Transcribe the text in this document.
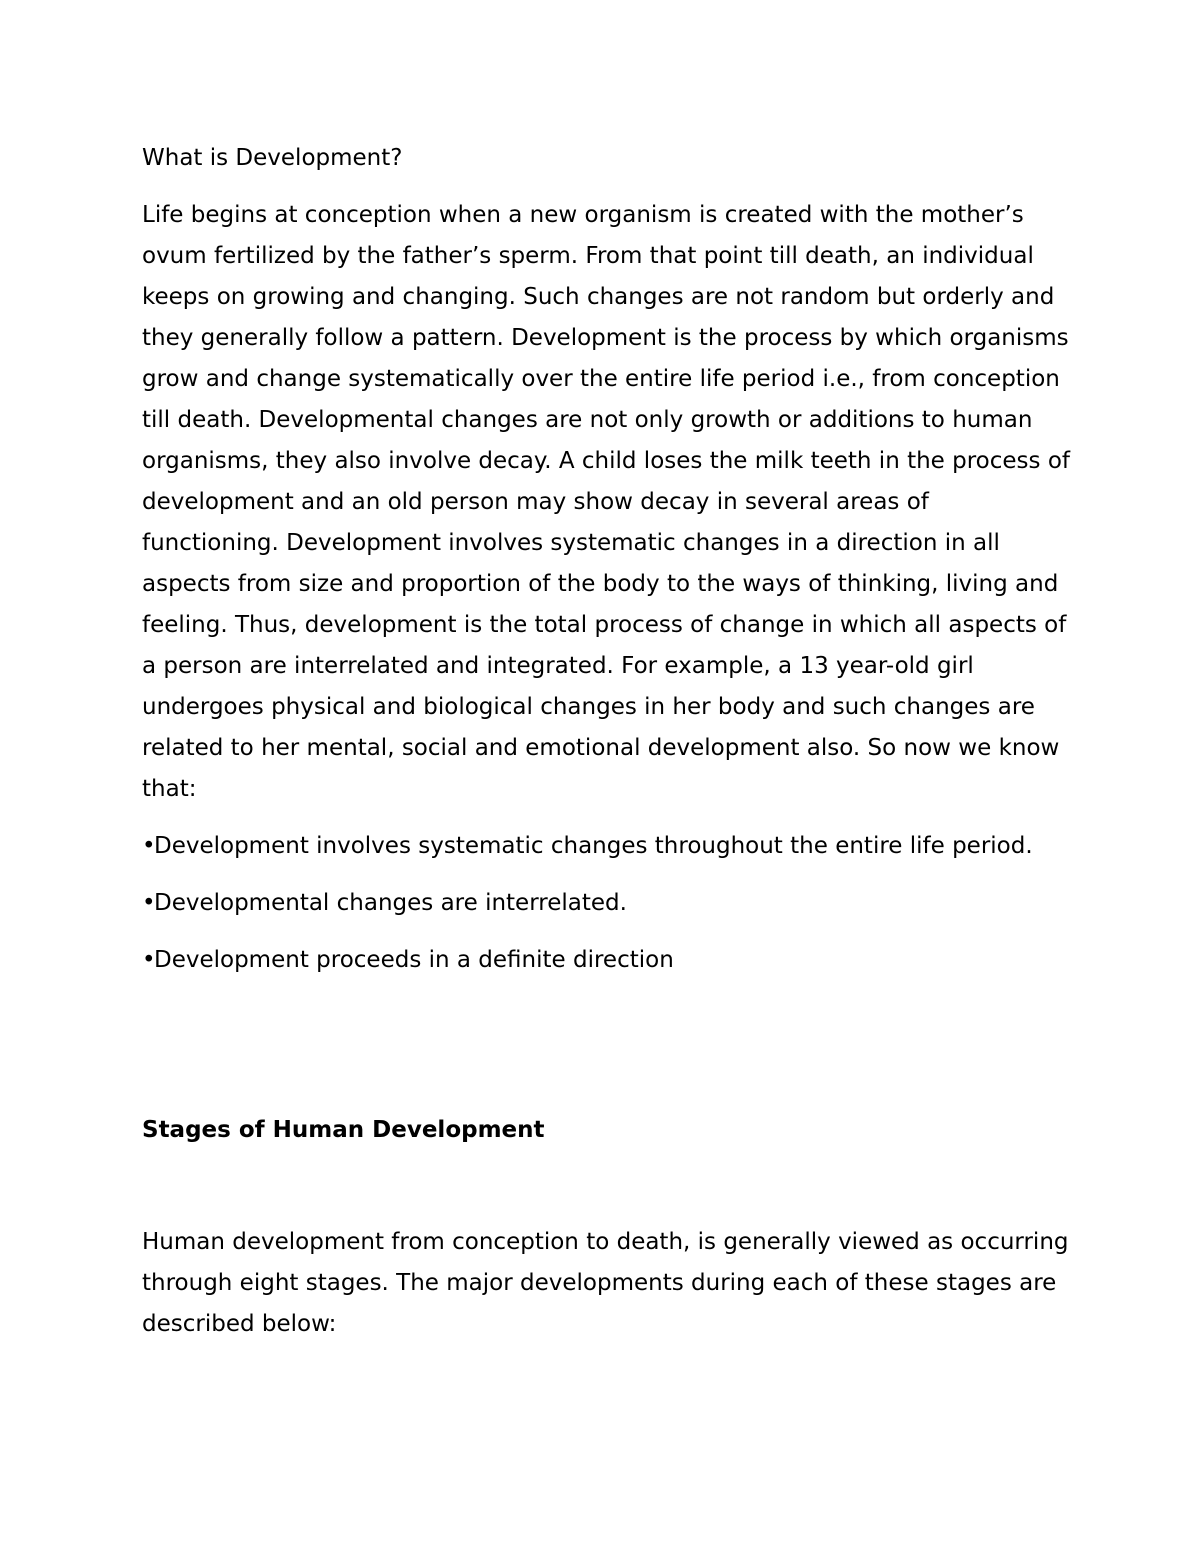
What is Development?

Life begins at conception when a new organism is created with the mother’s ovum fertilized by the father’s sperm. From that point till death, an individual keeps on growing and changing. Such changes are not random but orderly and they generally follow a pattern. Development is the process by which organisms grow and change systematically over the entire life period i.e., from conception till death. Developmental changes are not only growth or additions to human organisms, they also involve decay. A child loses the milk teeth in the process of development and an old person may show decay in several areas of functioning. Development involves systematic changes in a direction in all aspects from size and proportion of the body to the ways of thinking, living and feeling. Thus, development is the total process of change in which all aspects of a person are interrelated and integrated. For example, a 13 year-old girl undergoes physical and biological changes in her body and such changes are related to her mental, social and emotional development also. So now we know that:

•Development involves systematic changes throughout the entire life period.
•Developmental changes are interrelated.
•Development proceeds in a definite direction
Stages of Human Development

Human development from conception to death, is generally viewed as occurring through eight stages. The major developments during each of these stages are described below:
